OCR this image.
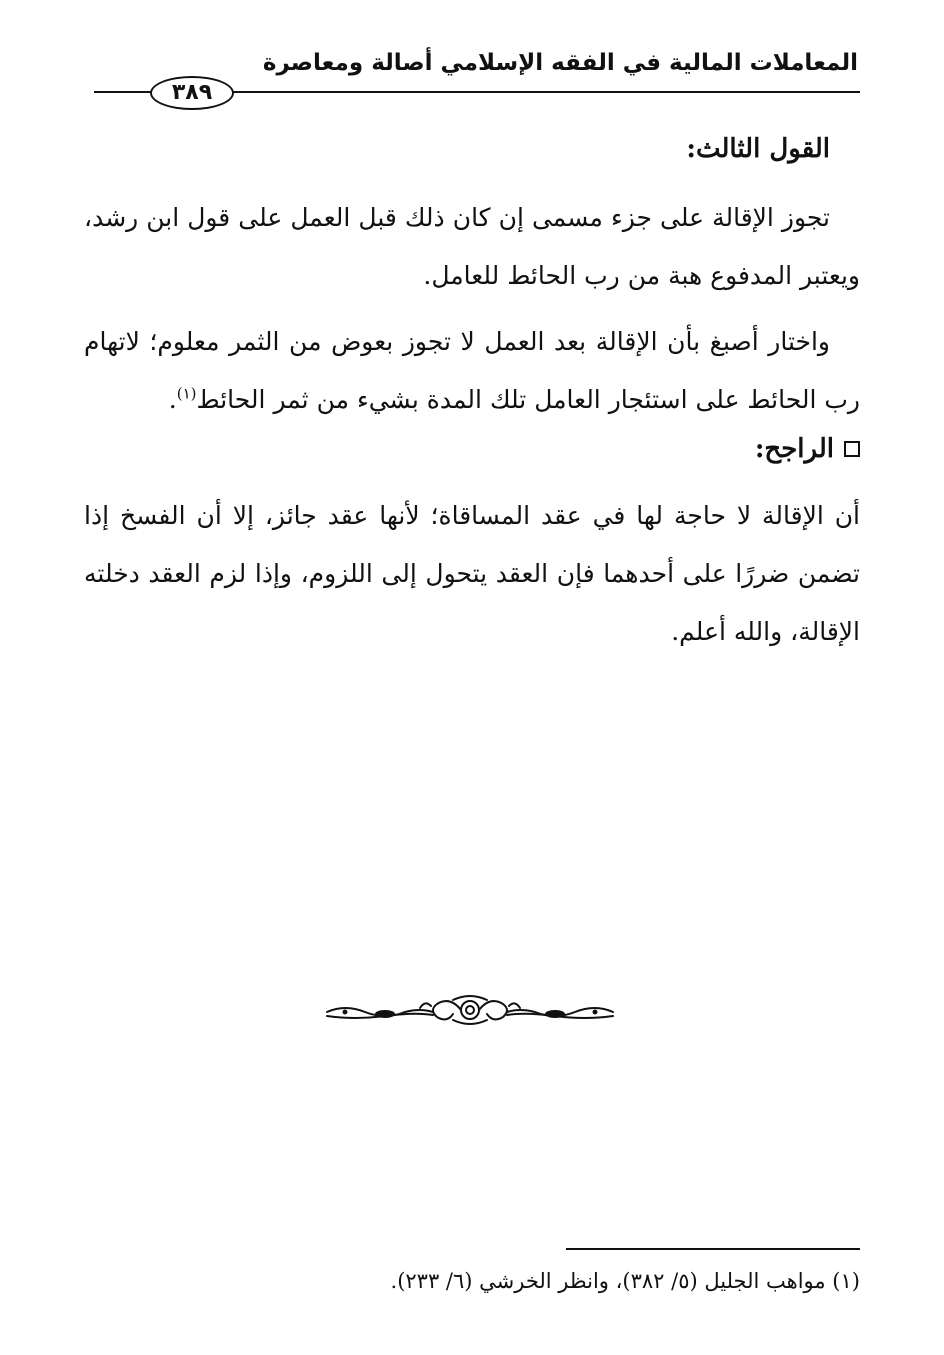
المعاملات المالية في الفقه الإسلامي أصالة ومعاصرة
٣٨٩
القول الثالث:

تجوز الإقالة على جزء مسمى إن كان ذلك قبل العمل على قول ابن رشد، ويعتبر المدفوع هبة من رب الحائط للعامل.

واختار أصبغ بأن الإقالة بعد العمل لا تجوز بعوض من الثمر معلوم؛ لاتهام رب الحائط على استئجار العامل تلك المدة بشيء من ثمر الحائط$^{(١)}$.

الراجح:

أن الإقالة لا حاجة لها في عقد المساقاة؛ لأنها عقد جائز، إلا أن الفسخ إذا تضمن ضررًا على أحدهما فإن العقد يتحول إلى اللزوم، وإذا لزم العقد دخلته الإقالة، والله أعلم.

(١) مواهب الجليل (٥/ ٣٨٢)، وانظر الخرشي (٦/ ٢٣٣).
